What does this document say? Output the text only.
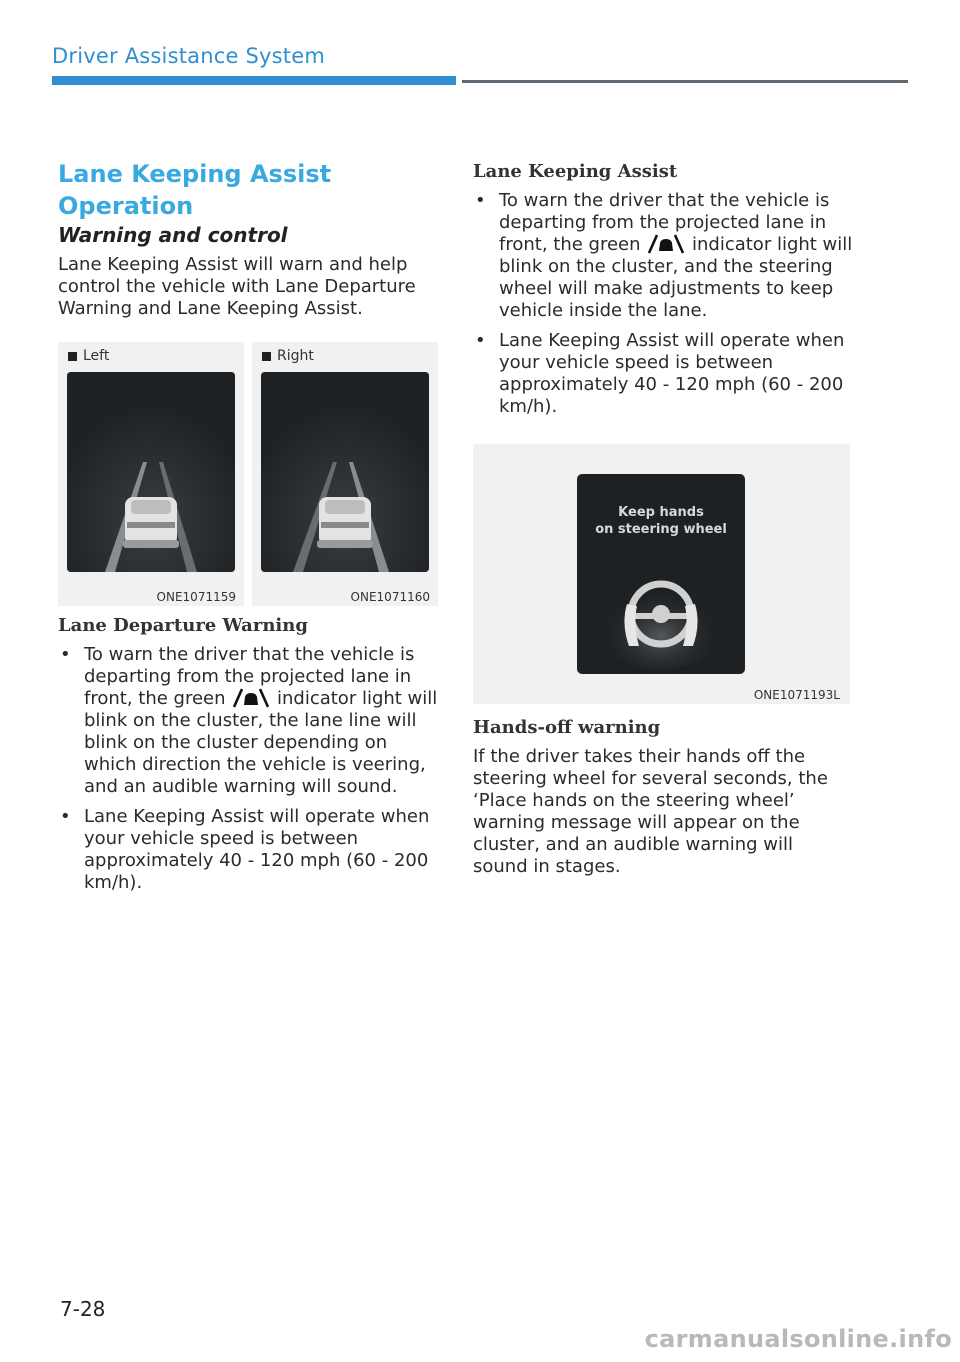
Driver Assistance System
Lane Keeping Assist Operation
Warning and control

Lane Keeping Assist will warn and help control the vehicle with Lane Departure Warning and Lane Keeping Assist.

Left
ONE1071159
Right
ONE1071160
Lane Departure Warning
• To warn the driver that the vehicle is departing from the projected lane in front, the green	indicator light will blink on the cluster, the lane line will blink on the cluster depending on which direction the vehicle is veering, and an audible warning will sound.
• Lane Keeping Assist will operate when your vehicle speed is between approximately 40 - 120 mph (60 - 200 km/h).
Lane Keeping Assist
• To warn the driver that the vehicle is departing from the projected lane in front, the green	indicator light will blink on the cluster, and the steering wheel will make adjustments to keep vehicle inside the lane.
• Lane Keeping Assist will operate when your vehicle speed is between approximately 40 - 120 mph (60 - 200 km/h).
Keep hands
on steering wheel
ONE1071193L
Hands-off warning

If the driver takes their hands off the steering wheel for several seconds, the ‘Place hands on the steering wheel’ warning message will appear on the cluster, and an audible warning will sound in stages.

7-28
carmanualsonline.info
